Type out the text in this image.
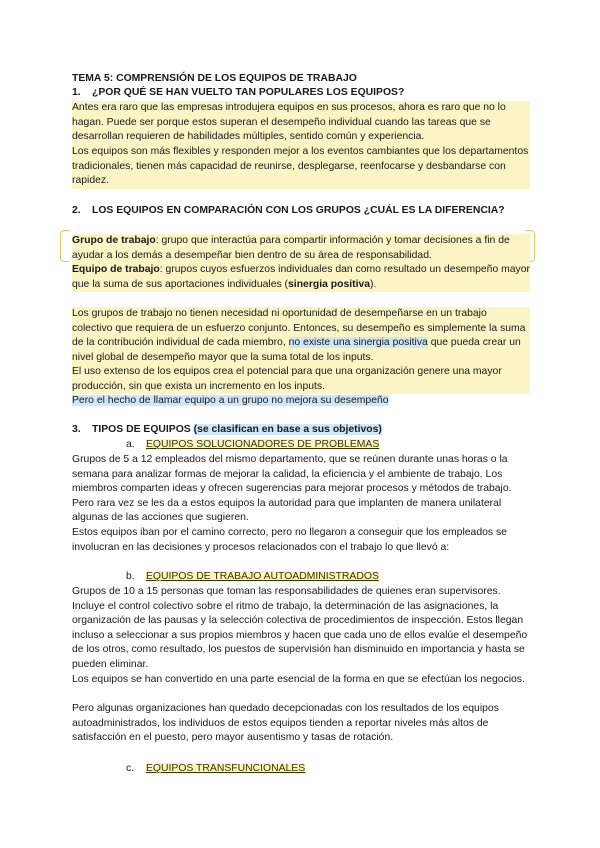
TEMA 5: COMPRENSIÓN DE LOS EQUIPOS DE TRABAJO

1. ¿POR QUÉ SE HAN VUELTO TAN POPULARES LOS EQUIPOS?

Antes era raro que las empresas introdujera equipos en sus procesos, ahora es raro que no lo hagan. Puede ser porque estos superan el desempeño individual cuando las tareas que se desarrollan requieren de habilidades múltiples, sentido común y experiencia.

Los equipos son más flexibles y responden mejor a los eventos cambiantes que los departamentos tradicionales, tienen más capacidad de reunirse, desplegarse, reenfocarse y desbandarse con rapidez.

2. LOS EQUIPOS EN COMPARACIÓN CON LOS GRUPOS ¿CUÁL ES LA DIFERENCIA?

Grupo de trabajo: grupo que interactúa para compartir información y tomar decisiones a fin de ayudar a los demás a desempeñar bien dentro de su área de responsabilidad.

Equipo de trabajo: grupos cuyos esfuerzos individuales dan como resultado un desempeño mayor que la suma de sus aportaciones individuales (sinergia positiva).

Los grupos de trabajo no tienen necesidad ni oportunidad de desempeñarse en un trabajo colectivo que requiera de un esfuerzo conjunto. Entonces, su desempeño es simplemente la suma de la contribución individual de cada miembro, no existe una sinergia positiva que pueda crear un nivel global de desempeño mayor que la suma total de los inputs.

El uso extenso de los equipos crea el potencial para que una organización genere una mayor producción, sin que exista un incremento en los inputs.

Pero el hecho de llamar equipo a un grupo no mejora su desempeño

3. TIPOS DE EQUIPOS (se clasifican en base a sus objetivos)

a. EQUIPOS SOLUCIONADORES DE PROBLEMAS

Grupos de 5 a 12 empleados del mismo departamento, que se reúnen durante unas horas o la semana para analizar formas de mejorar la calidad, la eficiencia y el ambiente de trabajo. Los miembros comparten ideas y ofrecen sugerencias para mejorar procesos y métodos de trabajo. Pero rara vez se les da a estos equipos la autoridad para que implanten de manera unilateral algunas de las acciones que sugieren.

Estos equipos iban por el camino correcto, pero no llegaron a conseguir que los empleados se involucran en las decisiones y procesos relacionados con el trabajo lo que llevó a:

b. EQUIPOS DE TRABAJO AUTOADMINISTRADOS

Grupos de 10 a 15 personas que toman las responsabilidades de quienes eran supervisores. Incluye el control colectivo sobre el ritmo de trabajo, la determinación de las asignaciones, la organización de las pausas y la selección colectiva de procedimientos de inspección. Estos llegan incluso a seleccionar a sus propios miembros y hacen que cada uno de ellos evalúe el desempeño de los otros, como resultado, los puestos de supervisión han disminuido en importancia y hasta se pueden eliminar.

Los equipos se han convertido en una parte esencial de la forma en que se efectúan los negocios.

Pero algunas organizaciones han quedado decepcionadas con los resultados de los equipos autoadministrados, los individuos de estos equipos tienden a reportar niveles más altos de satisfacción en el puesto, pero mayor ausentismo y tasas de rotación.

c. EQUIPOS TRANSFUNCIONALES
